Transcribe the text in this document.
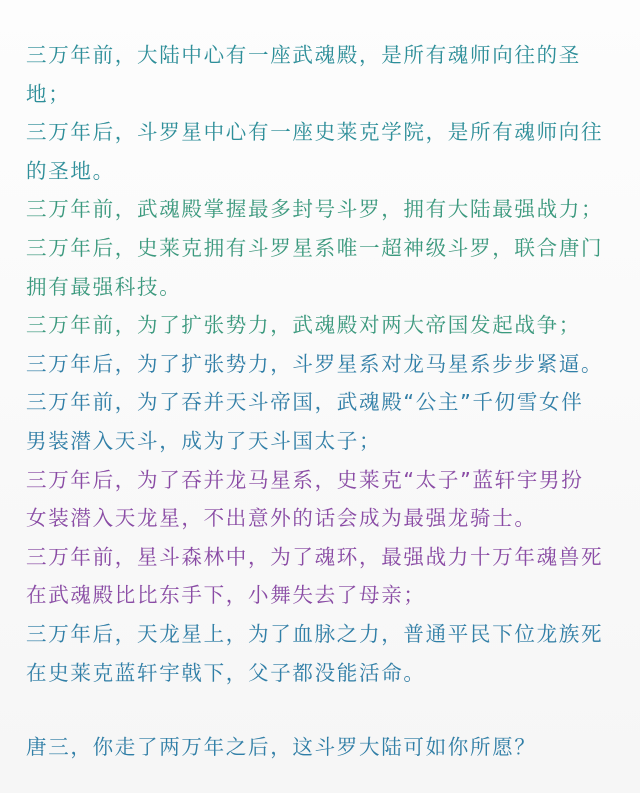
三万年前，大陆中心有一座武魂殿，是所有魂师向往的圣

地；

三万年后，斗罗星中心有一座史莱克学院，是所有魂师向往

的圣地。

三万年前，武魂殿掌握最多封号斗罗，拥有大陆最强战力；

三万年后，史莱克拥有斗罗星系唯一超神级斗罗，联合唐门

拥有最强科技。

三万年前，为了扩张势力，武魂殿对两大帝国发起战争；

三万年后，为了扩张势力，斗罗星系对龙马星系步步紧逼。

三万年前，为了吞并天斗帝国，武魂殿“公主”千仞雪女伴

男装潜入天斗，成为了天斗国太子；

三万年后，为了吞并龙马星系，史莱克“太子”蓝轩宇男扮

女装潜入天龙星，不出意外的话会成为最强龙骑士。

三万年前，星斗森林中，为了魂环，最强战力十万年魂兽死

在武魂殿比比东手下，小舞失去了母亲；

三万年后，天龙星上，为了血脉之力，普通平民下位龙族死

在史莱克蓝轩宇戟下，父子都没能活命。

唐三，你走了两万年之后，这斗罗大陆可如你所愿？
